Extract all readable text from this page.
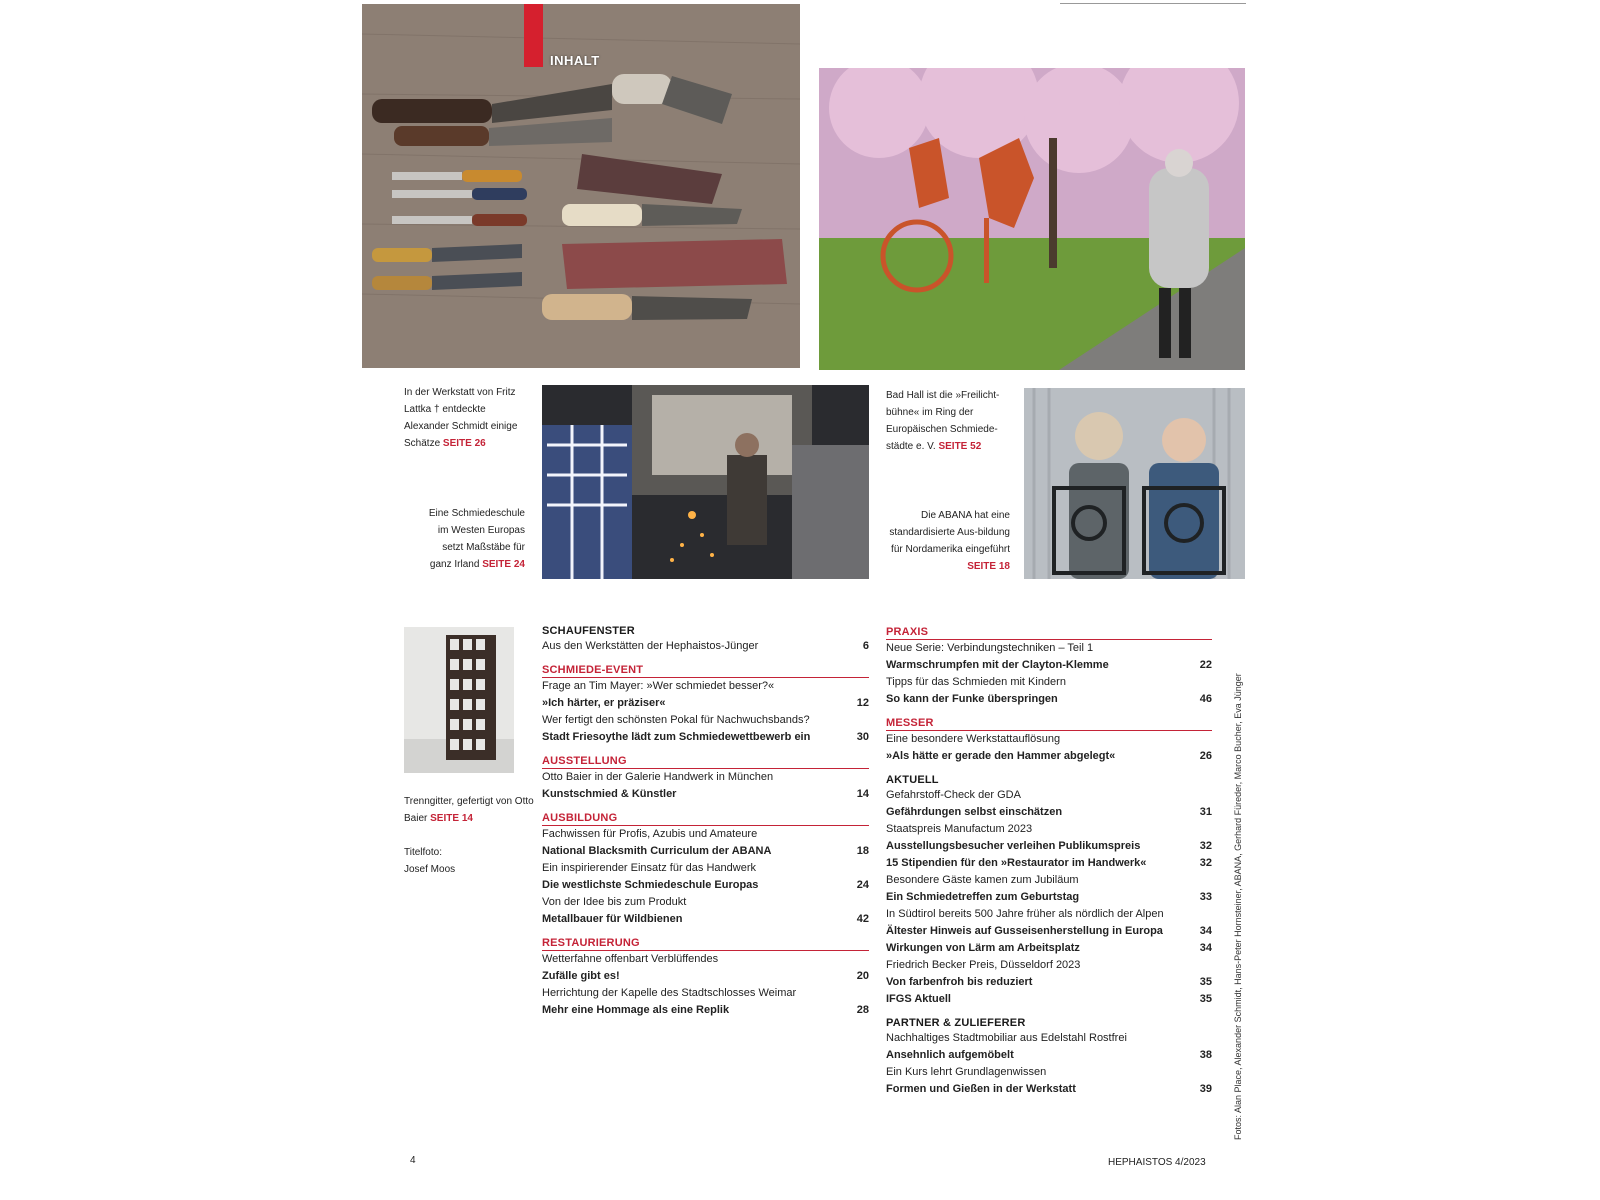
INHALT
In der Werkstatt von Fritz Lattka † entdeckte Alexander Schmidt einige Schätze SEITE 26
Eine Schmiedeschule im Westen Europas setzt Maßstäbe für ganz Irland SEITE 24
Bad Hall ist die »Freilicht-bühne« im Ring der Europäischen Schmiede-städte e. V. SEITE 52
Die ABANA hat eine standardisierte Aus-bildung für Nordamerika eingeführt SEITE 18
Trenngitter, gefertigt von Otto Baier SEITE 14
Titelfoto:
Josef Moos
SCHAUFENSTER
Aus den Werkstätten der Hephaistos-Jünger	6
SCHMIEDE-EVENT
Frage an Tim Mayer: »Wer schmiedet besser?«
»Ich härter, er präziser«	12
Wer fertigt den schönsten Pokal für Nachwuchsbands?
Stadt Friesoythe lädt zum Schmiedewettbewerb ein	30
AUSSTELLUNG
Otto Baier in der Galerie Handwerk in München
Kunstschmied & Künstler	14
AUSBILDUNG
Fachwissen für Profis, Azubis und Amateure
National Blacksmith Curriculum der ABANA	18
Ein inspirierender Einsatz für das Handwerk
Die westlichste Schmiedeschule Europas	24
Von der Idee bis zum Produkt
Metallbauer für Wildbienen	42
RESTAURIERUNG
Wetterfahne offenbart Verblüffendes
Zufälle gibt es!	20
Herrichtung der Kapelle des Stadtschlosses Weimar
Mehr eine Hommage als eine Replik	28
PRAXIS
Neue Serie: Verbindungstechniken – Teil 1
Warmschrumpfen mit der Clayton-Klemme	22
Tipps für das Schmieden mit Kindern
So kann der Funke überspringen	46
MESSER
Eine besondere Werkstattauflösung
»Als hätte er gerade den Hammer abgelegt«	26
AKTUELL
Gefahrstoff-Check der GDA
Gefährdungen selbst einschätzen	31
Staatspreis Manufactum 2023
Ausstellungsbesucher verleihen Publikumspreis	32
15 Stipendien für den »Restaurator im Handwerk«	32
Besondere Gäste kamen zum Jubiläum
Ein Schmiedetreffen zum Geburtstag	33
In Südtirol bereits 500 Jahre früher als nördlich der Alpen
Ältester Hinweis auf Gusseisenherstellung in Europa	34
Wirkungen von Lärm am Arbeitsplatz	34
Friedrich Becker Preis, Düsseldorf 2023
Von farbenfroh bis reduziert	35
IFGS Aktuell	35
PARTNER & ZULIEFERER
Nachhaltiges Stadtmobiliar aus Edelstahl Rostfrei
Ansehnlich aufgemöbelt	38
Ein Kurs lehrt Grundlagenwissen
Formen und Gießen in der Werkstatt	39 Fotos: Alan Place, Alexander Schmidt, Hans-Peter Hornsteiner, ABANA, Gerhard Füreder, Marco Bucher, Eva Jünger
4	HEPHAISTOS 4/2023
